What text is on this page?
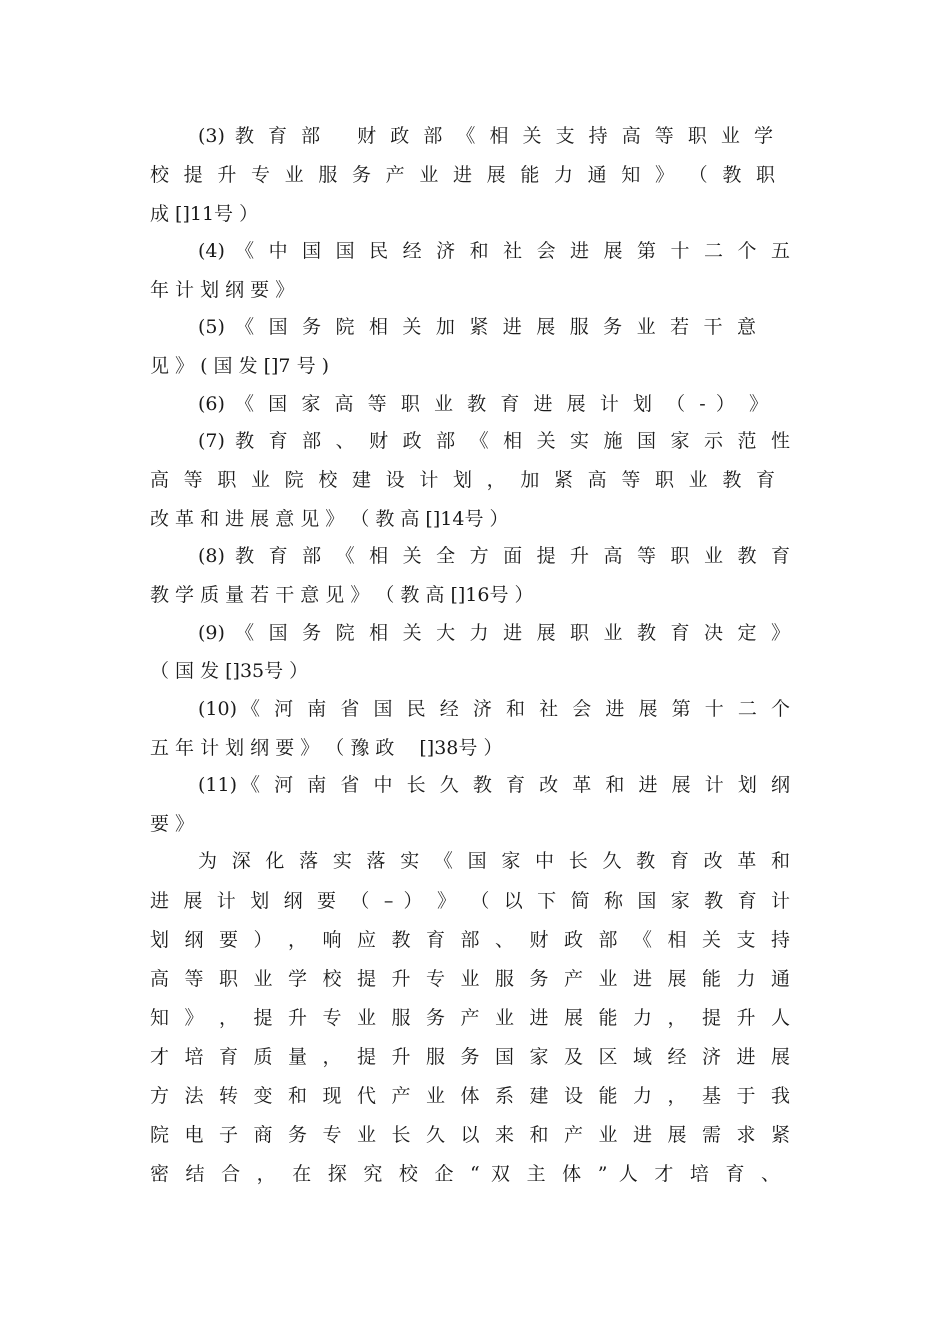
(3) 教 育 部 　财 政 部 《 相 关 支 持 高 等 职 业 学
校 提 升 专 业 服 务 产 业 进 展 能 力 通 知 》 （ 教 职
成 []11号 ）
(4) 《 中 国 国 民 经 济 和 社 会 进 展 第 十 二 个 五
年 计 划 纲 要 》
(5) 《 国 务 院 相 关 加 紧 进 展 服 务 业 若 干 意
见 》 ( 国 发 []7 号 )
(6) 《 国 家 高 等 职 业 教 育 进 展 计 划 （ - ） 》
(7) 教 育 部 、 财 政 部 《 相 关 实 施 国 家 示 范 性
高 等 职 业 院 校 建 设 计 划 ， 加 紧 高 等 职 业 教 育
改 革 和 进 展 意 见 》 （ 教 高 []14号 ）
(8) 教 育 部 《 相 关 全 方 面 提 升 高 等 职 业 教 育
教 学 质 量 若 干 意 见 》 （ 教 高 []16号 ）
(9) 《 国 务 院 相 关 大 力 进 展 职 业 教 育 决 定 》
（ 国 发 []35号 ）
(10)《 河 南 省 国 民 经 济 和 社 会 进 展 第 十 二 个
五 年 计 划 纲 要 》 （ 豫 政 　[]38号 ）
(11)《 河 南 省 中 长 久 教 育 改 革 和 进 展 计 划 纲
要 》
为 深 化 落 实 落 实 《 国 家 中 长 久 教 育 改 革 和
进 展 计 划 纲 要 （ – ） 》 （ 以 下 简 称 国 家 教 育 计
划 纲 要 ） ， 响 应 教 育 部 、 财 政 部 《 相 关 支 持
高 等 职 业 学 校 提 升 专 业 服 务 产 业 进 展 能 力 通
知 》 ， 提 升 专 业 服 务 产 业 进 展 能 力 ， 提 升 人
才 培 育 质 量 ， 提 升 服 务 国 家 及 区 域 经 济 进 展
方 法 转 变 和 现 代 产 业 体 系 建 设 能 力 ， 基 于 我
院 电 子 商 务 专 业 长 久 以 来 和 产 业 进 展 需 求 紧
密 结 合 ， 在 探 究 校 企 “ 双 主 体 ” 人 才 培 育 、
